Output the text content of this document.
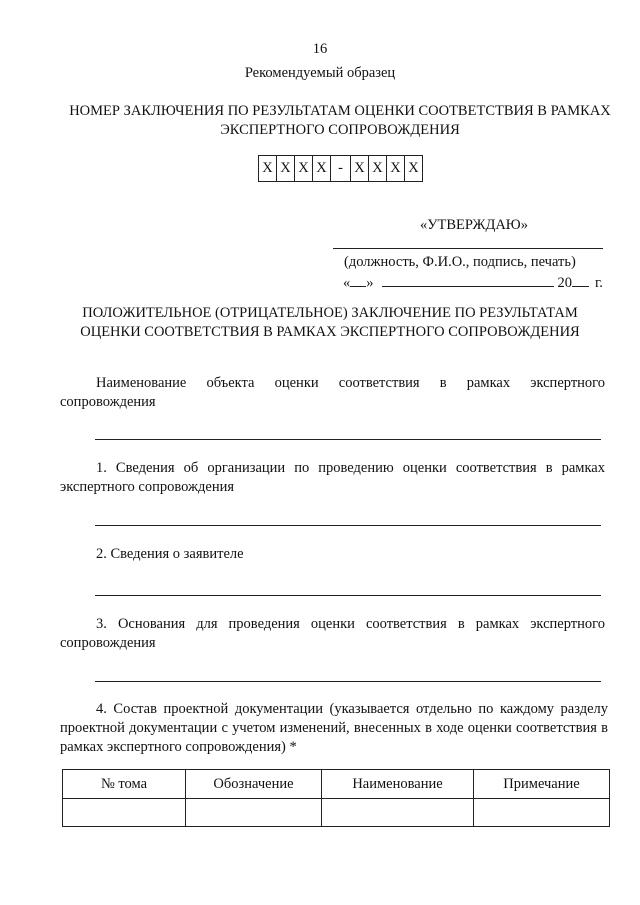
16
Рекомендуемый образец
НОМЕР ЗАКЛЮЧЕНИЯ ПО РЕЗУЛЬТАТАМ ОЦЕНКИ СООТВЕТСТВИЯ В РАМКАХ ЭКСПЕРТНОГО СОПРОВОЖДЕНИЯ
X X X X - X X X X
«УТВЕРЖДАЮ»
(должность, Ф.И.О., подпись, печать)
« »	20 г.
ПОЛОЖИТЕЛЬНОЕ (ОТРИЦАТЕЛЬНОЕ) ЗАКЛЮЧЕНИЕ ПО РЕЗУЛЬТАТАМ ОЦЕНКИ СООТВЕТСТВИЯ В РАМКАХ ЭКСПЕРТНОГО СОПРОВОЖДЕНИЯ
Наименование объекта оценки соответствия в рамках экспертного сопровождения
1. Сведения об организации по проведению оценки соответствия в рамках экспертного сопровождения
2. Сведения о заявителе
3. Основания для проведения оценки соответствия в рамках экспертного сопровождения
4. Состав проектной документации (указывается отдельно по каждому разделу проектной документации с учетом изменений, внесенных в ходе оценки соответствия в рамках экспертного сопровождения) *
№ тома	Обозначение	Наименование	Примечание
